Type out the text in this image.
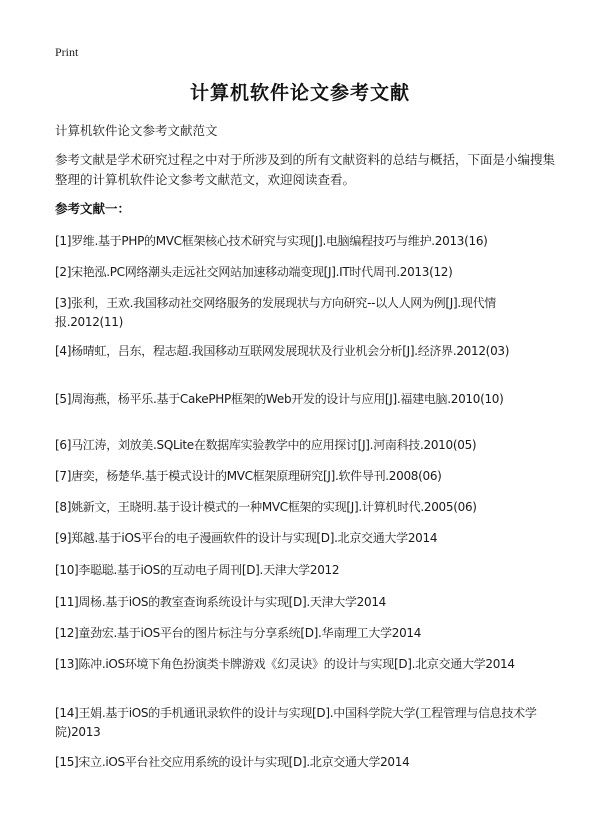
Print
计算机软件论文参考文献
计算机软件论文参考文献范文
参考文献是学术研究过程之中对于所涉及到的所有文献资料的总结与概括，下面是小编搜集整理的计算机软件论文参考文献范文，欢迎阅读查看。
参考文献一：
[1]罗维.基于PHP的MVC框架核心技术研究与实现[J].电脑编程技巧与维护.2013(16)
[2]宋艳泓.PC网络潮头走远社交网站加速移动端变现[J].IT时代周刊.2013(12)
[3]张利，王欢.我国移动社交网络服务的发展现状与方向研究--以人人网为例[J].现代情报.2012(11)
[4]杨晴虹，吕东，程志超.我国移动互联网发展现状及行业机会分析[J].经济界.2012(03)
[5]周海燕，杨平乐.基于CakePHP框架的Web开发的设计与应用[J].福建电脑.2010(10)
[6]马江涛，刘放美.SQLite在数据库实验教学中的应用探讨[J].河南科技.2010(05)
[7]唐奕，杨楚华.基于模式设计的MVC框架原理研究[J].软件导刊.2008(06)
[8]姚新文，王晓明.基于设计模式的一种MVC框架的实现[J].计算机时代.2005(06)
[9]郑越.基于iOS平台的电子漫画软件的设计与实现[D].北京交通大学2014
[10]李聪聪.基于iOS的互动电子周刊[D].天津大学2012
[11]周杨.基于iOS的教室查询系统设计与实现[D].天津大学2014
[12]童劲宏.基于iOS平台的图片标注与分享系统[D].华南理工大学2014
[13]陈冲.iOS环境下角色扮演类卡牌游戏《幻灵诀》的设计与实现[D].北京交通大学2014
[14]王娟.基于iOS的手机通讯录软件的设计与实现[D].中国科学院大学(工程管理与信息技术学院)2013
[15]宋立.iOS平台社交应用系统的设计与实现[D].北京交通大学2014
